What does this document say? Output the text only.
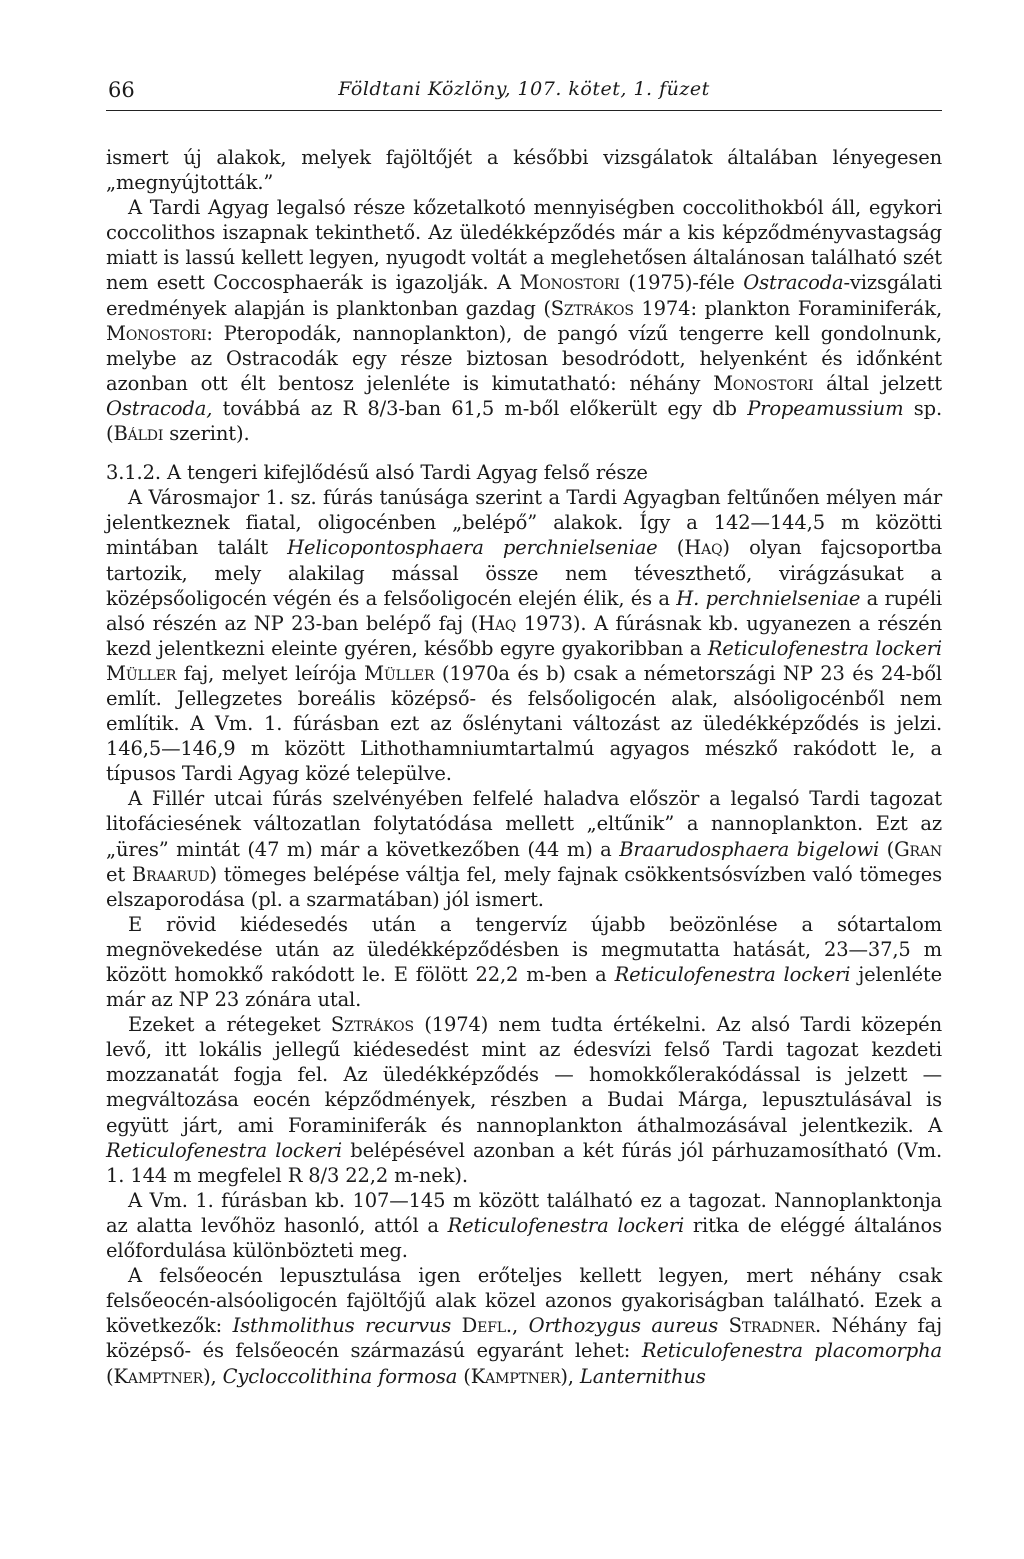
66	Földtani Közlöny, 107. kötet, 1. füzet

ismert új alakok, melyek fajöltőjét a későbbi vizsgálatok általában lényegesen „megnyújtották.”

A Tardi Agyag legalsó része kőzetalkotó mennyiségben coccolithokból áll, egykori coccolithos iszapnak tekinthető. Az üledékképződés már a kis képződményvastagság miatt is lassú kellett legyen, nyugodt voltát a meglehetősen általánosan található szét nem esett Coccosphaerák is igazolják. A Monostori (1975)-féle Ostracoda-vizsgálati eredmények alapján is planktonban gazdag (Sztrákos 1974: plankton Foraminiferák, Monostori: Pteropodák, nannoplankton), de pangó vízű tengerre kell gondolnunk, melybe az Ostracodák egy része biztosan besodródott, helyenként és időnként azonban ott élt bentosz jelenléte is kimutatható: néhány Monostori által jelzett Ostracoda, továbbá az R 8/3-ban 61,5 m-ből előkerült egy db Propeamussium sp. (Báldi szerint).

3.1.2. A tengeri kifejlődésű alsó Tardi Agyag felső része

A Városmajor 1. sz. fúrás tanúsága szerint a Tardi Agyagban feltűnően mélyen már jelentkeznek fiatal, oligocénben „belépő” alakok. Így a 142—144,5 m közötti mintában talált Helicopontosphaera perchnielseniae (Haq) olyan fajcsoportba tartozik, mely alakilag mással össze nem téveszthető, virágzásukat a középsőoligocén végén és a felsőoligocén elején élik, és a H. perchnielseniae a rupéli alsó részén az NP 23-ban belépő faj (Haq 1973). A fúrásnak kb. ugyanezen a részén kezd jelentkezni eleinte gyéren, később egyre gyakoribban a Reticulofenestra lockeri Müller faj, melyet leírója Müller (1970a és b) csak a németországi NP 23 és 24-ből említ. Jellegzetes boreális középső- és felsőoligocén alak, alsóoligocénből nem említik. A Vm. 1. fúrásban ezt az őslénytani változást az üledékképződés is jelzi. 146,5—146,9 m között Lithothamniumtartalmú agyagos mészkő rakódott le, a típusos Tardi Agyag közé települve.

A Fillér utcai fúrás szelvényében felfelé haladva először a legalsó Tardi tagozat litofáciesének változatlan folytatódása mellett „eltűnik” a nannoplankton. Ezt az „üres” mintát (47 m) már a következőben (44 m) a Braarudosphaera bigelowi (Gran et Braarud) tömeges belépése váltja fel, mely fajnak csökkentsósvízben való tömeges elszaporodása (pl. a szarmatában) jól ismert.

E rövid kiédesedés után a tengervíz újabb beözönlése a sótartalom megnövekedése után az üledékképződésben is megmutatta hatását, 23—37,5 m között homokkő rakódott le. E fölött 22,2 m-ben a Reticulofenestra lockeri jelenléte már az NP 23 zónára utal.

Ezeket a rétegeket Sztrákos (1974) nem tudta értékelni. Az alsó Tardi közepén levő, itt lokális jellegű kiédesedést mint az édesvízi felső Tardi tagozat kezdeti mozzanatát fogja fel. Az üledékképződés — homokkőlerakódással is jelzett — megváltozása eocén képződmények, részben a Budai Márga, lepusztulásával is együtt járt, ami Foraminiferák és nannoplankton áthalmozásával jelentkezik. A Reticulofenestra lockeri belépésével azonban a két fúrás jól párhuzamosítható (Vm. 1. 144 m megfelel R 8/3 22,2 m-nek).

A Vm. 1. fúrásban kb. 107—145 m között található ez a tagozat. Nannoplanktonja az alatta levőhöz hasonló, attól a Reticulofenestra lockeri ritka de eléggé általános előfordulása különbözteti meg.

A felsőeocén lepusztulása igen erőteljes kellett legyen, mert néhány csak felsőeocén-alsóoligocén fajöltőjű alak közel azonos gyakoriságban található. Ezek a következők: Isthmolithus recurvus Defl., Orthozygus aureus Stradner. Néhány faj középső- és felsőeocén származású egyaránt lehet: Reticulofenestra placomorpha (Kamptner), Cycloccolithina formosa (Kamptner), Lanternithus
